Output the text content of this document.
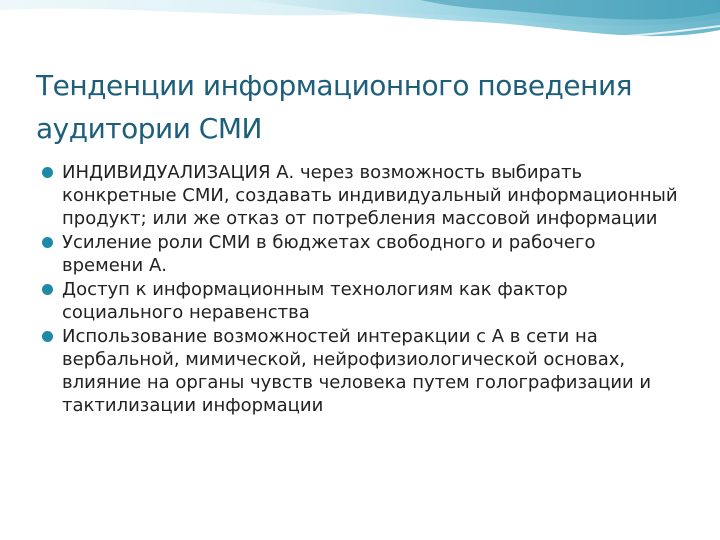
Тенденции информационного поведения аудитории СМИ
ИНДИВИДУАЛИЗАЦИЯ А. через возможность выбирать конкретные СМИ, создавать индивидуальный информационный продукт; или же отказ от потребления массовой информации
Усиление роли СМИ в бюджетах свободного и рабочего времени А.
Доступ к информационным технологиям как фактор социального неравенства
Использование возможностей интеракции с А в сети на вербальной, мимической, нейрофизиологической основах, влияние на органы чувств человека путем голографизации и тактилизации информации
